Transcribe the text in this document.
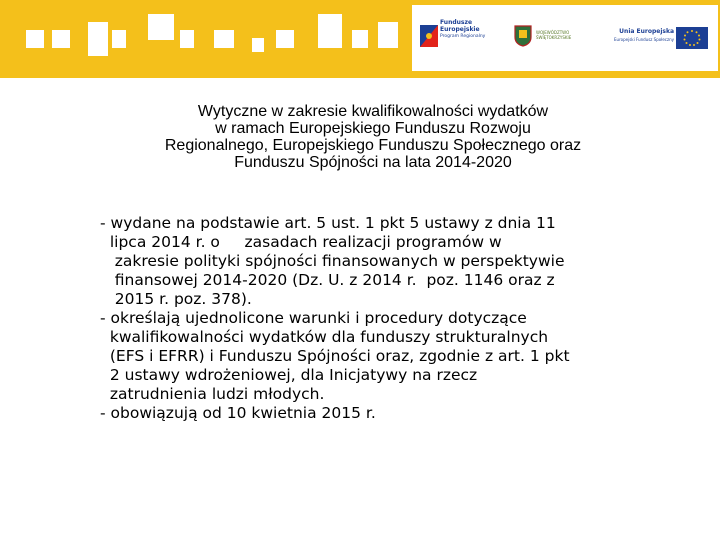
Fundusze
Europejskie
Program Regionalny
WOJEWÓDZTWO
ŚWIĘTOKRZYSKIE
Unia Europejska
Europejski Fundusz Społeczny
Wytyczne w zakresie kwalifikowalności wydatków
w ramach Europejskiego Funduszu Rozwoju
Regionalnego, Europejskiego Funduszu Społecznego oraz
Funduszu Spójności na lata 2014-2020
- wydane na podstawie art. 5 ust. 1 pkt 5 ustawy z dnia 11
lipca 2014 r. o     zasadach realizacji programów w
zakresie polityki spójności finansowanych w perspektywie
finansowej 2014-2020 (Dz. U. z 2014 r.  poz. 1146 oraz z
2015 r. poz. 378).
- określają ujednolicone warunki i procedury dotyczące
kwalifikowalności wydatków dla funduszy strukturalnych
(EFS i EFRR) i Funduszu Spójności oraz, zgodnie z art. 1 pkt
2 ustawy wdrożeniowej, dla Inicjatywy na rzecz
zatrudnienia ludzi młodych.
- obowiązują od 10 kwietnia 2015 r.
